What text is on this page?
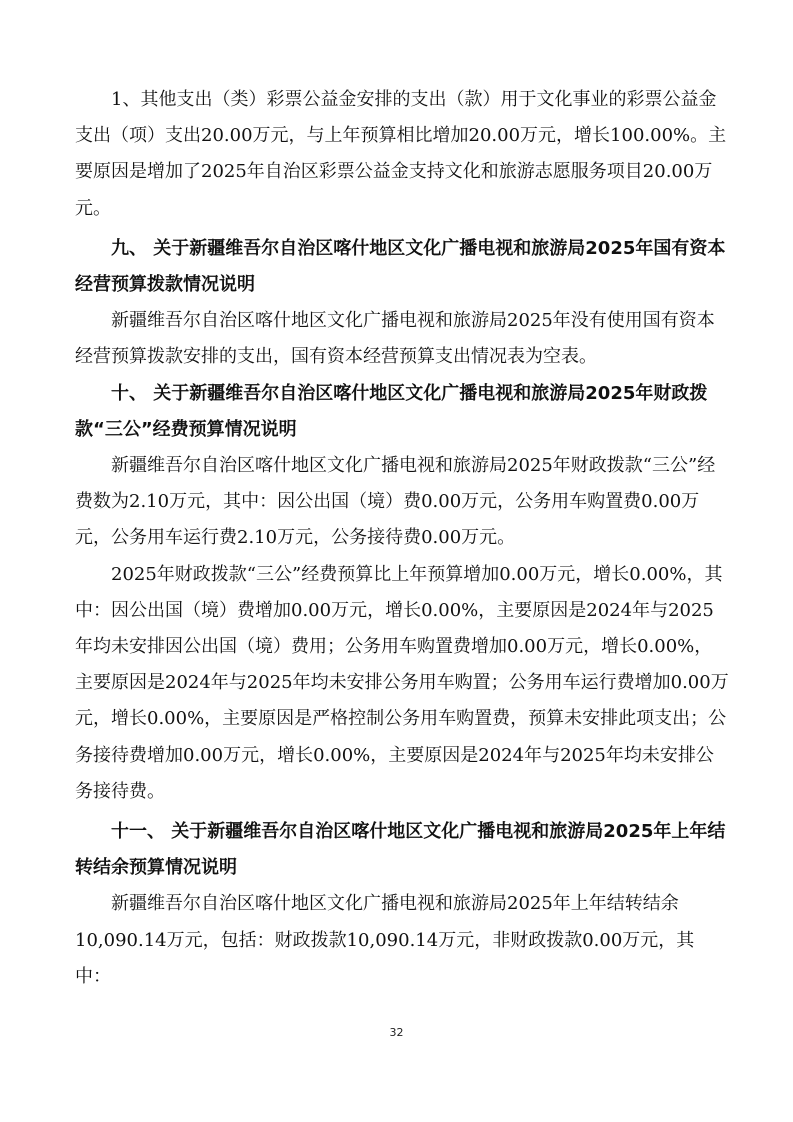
1、其他支出（类）彩票公益金安排的支出（款）用于文化事业的彩票公益金支出（项）支出20.00万元，与上年预算相比增加20.00万元，增长100.00%。主要原因是增加了2025年自治区彩票公益金支持文化和旅游志愿服务项目20.00万元。

九、 关于新疆维吾尔自治区喀什地区文化广播电视和旅游局2025年国有资本经营预算拨款情况说明

新疆维吾尔自治区喀什地区文化广播电视和旅游局2025年没有使用国有资本经营预算拨款安排的支出，国有资本经营预算支出情况表为空表。

十、 关于新疆维吾尔自治区喀什地区文化广播电视和旅游局2025年财政拨款“三公”经费预算情况说明

新疆维吾尔自治区喀什地区文化广播电视和旅游局2025年财政拨款“三公”经费数为2.10万元，其中：因公出国（境）费0.00万元，公务用车购置费0.00万元，公务用车运行费2.10万元，公务接待费0.00万元。

2025年财政拨款“三公”经费预算比上年预算增加0.00万元，增长0.00%，其中：因公出国（境）费增加0.00万元，增长0.00%，主要原因是2024年与2025年均未安排因公出国（境）费用；公务用车购置费增加0.00万元，增长0.00%，主要原因是2024年与2025年均未安排公务用车购置；公务用车运行费增加0.00万元，增长0.00%，主要原因是严格控制公务用车购置费，预算未安排此项支出；公务接待费增加0.00万元，增长0.00%，主要原因是2024年与2025年均未安排公务接待费。

十一、 关于新疆维吾尔自治区喀什地区文化广播电视和旅游局2025年上年结转结余预算情况说明

新疆维吾尔自治区喀什地区文化广播电视和旅游局2025年上年结转结余10,090.14万元，包括：财政拨款10,090.14万元，非财政拨款0.00万元，其中：

32
